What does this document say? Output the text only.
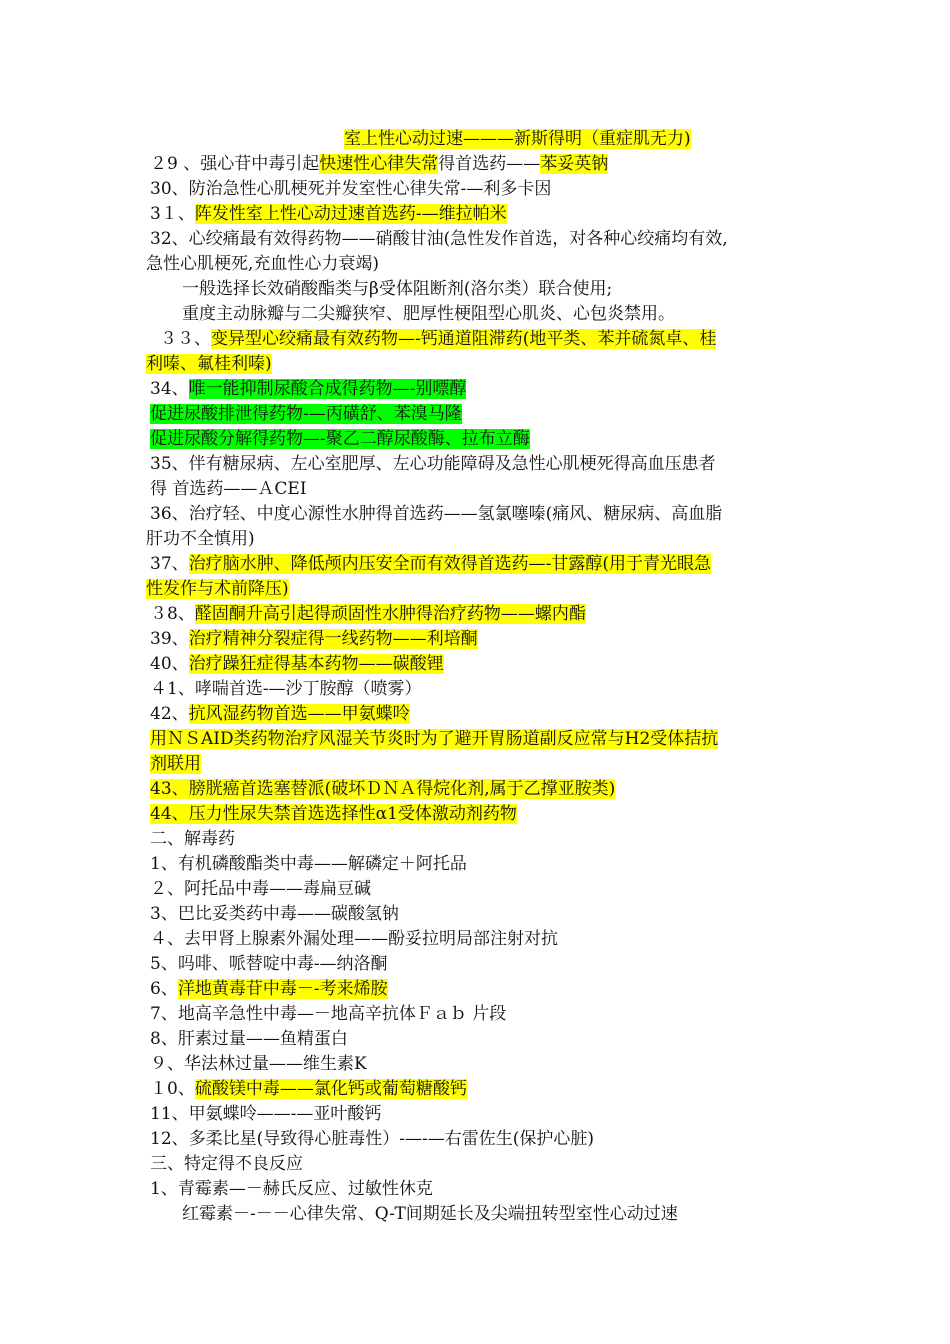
室上性心动过速———新斯得明（重症肌无力)
２9 、强心苷中毒引起快速性心律失常得首选药——苯妥英钠
30、防治急性心肌梗死并发室性心律失常-—利多卡因
3１、阵发性室上性心动过速首选药-—维拉帕米
32、心绞痛最有效得药物——硝酸甘油(急性发作首选，对各种心绞痛均有效,
急性心肌梗死,充血性心力衰竭)
一般选择长效硝酸酯类与β受体阻断剂(洛尔类）联合使用;
重度主动脉瓣与二尖瓣狭窄、肥厚性梗阻型心肌炎、心包炎禁用。
３３、变异型心绞痛最有效药物—-钙通道阻滞药(地平类、苯并硫氮卓、桂
利嗪、氟桂利嗪)
34、唯一能抑制尿酸合成得药物—-别嘌醇
促进尿酸排泄得药物-—丙磺舒、苯溴马隆
促进尿酸分解得药物—-聚乙二醇尿酸酶、拉布立酶
35、伴有糖尿病、左心室肥厚、左心功能障碍及急性心肌梗死得高血压患者
得 首选药——ＡCEI
36、治疗轻、中度心源性水肿得首选药——氢氯噻嗪(痛风、糖尿病、高血脂
肝功不全慎用)
37、治疗脑水肿、降低颅内压安全而有效得首选药—-甘露醇(用于青光眼急
性发作与术前降压)
３8、醛固酮升高引起得顽固性水肿得治疗药物——螺内酯
39、治疗精神分裂症得一线药物——利培酮
40、治疗躁狂症得基本药物——碳酸锂
４1、哮喘首选-—沙丁胺醇（喷雾）
42、抗风湿药物首选——甲氨蝶呤
用ＮＳAID类药物治疗风湿关节炎时为了避开胃肠道副反应常与H2受体拮抗
剂联用
43、膀胱癌首选塞替派(破坏ＤＮＡ得烷化剂,属于乙撑亚胺类)
44、压力性尿失禁首选选择性α1受体激动剂药物
二、解毒药
1、有机磷酸酯类中毒——解磷定＋阿托品
２、阿托品中毒——毒扁豆碱
3、巴比妥类药中毒——碳酸氢钠
４、去甲肾上腺素外漏处理——酚妥拉明局部注射对抗
5、吗啡、哌替啶中毒-—纳洛酮
6、洋地黄毒苷中毒－-考来烯胺
7、地高辛急性中毒—－地高辛抗体Ｆａｂ 片段
8、肝素过量——鱼精蛋白
９、华法林过量——维生素K
１0、硫酸镁中毒——氯化钙或葡萄糖酸钙
11、甲氨蝶呤——-—亚叶酸钙
12、多柔比星(导致得心脏毒性）-—-—右雷佐生(保护心脏)
三、特定得不良反应
1、青霉素—－赫氏反应、过敏性休克
红霉素－-－－心律失常、Q-T间期延长及尖端扭转型室性心动过速
